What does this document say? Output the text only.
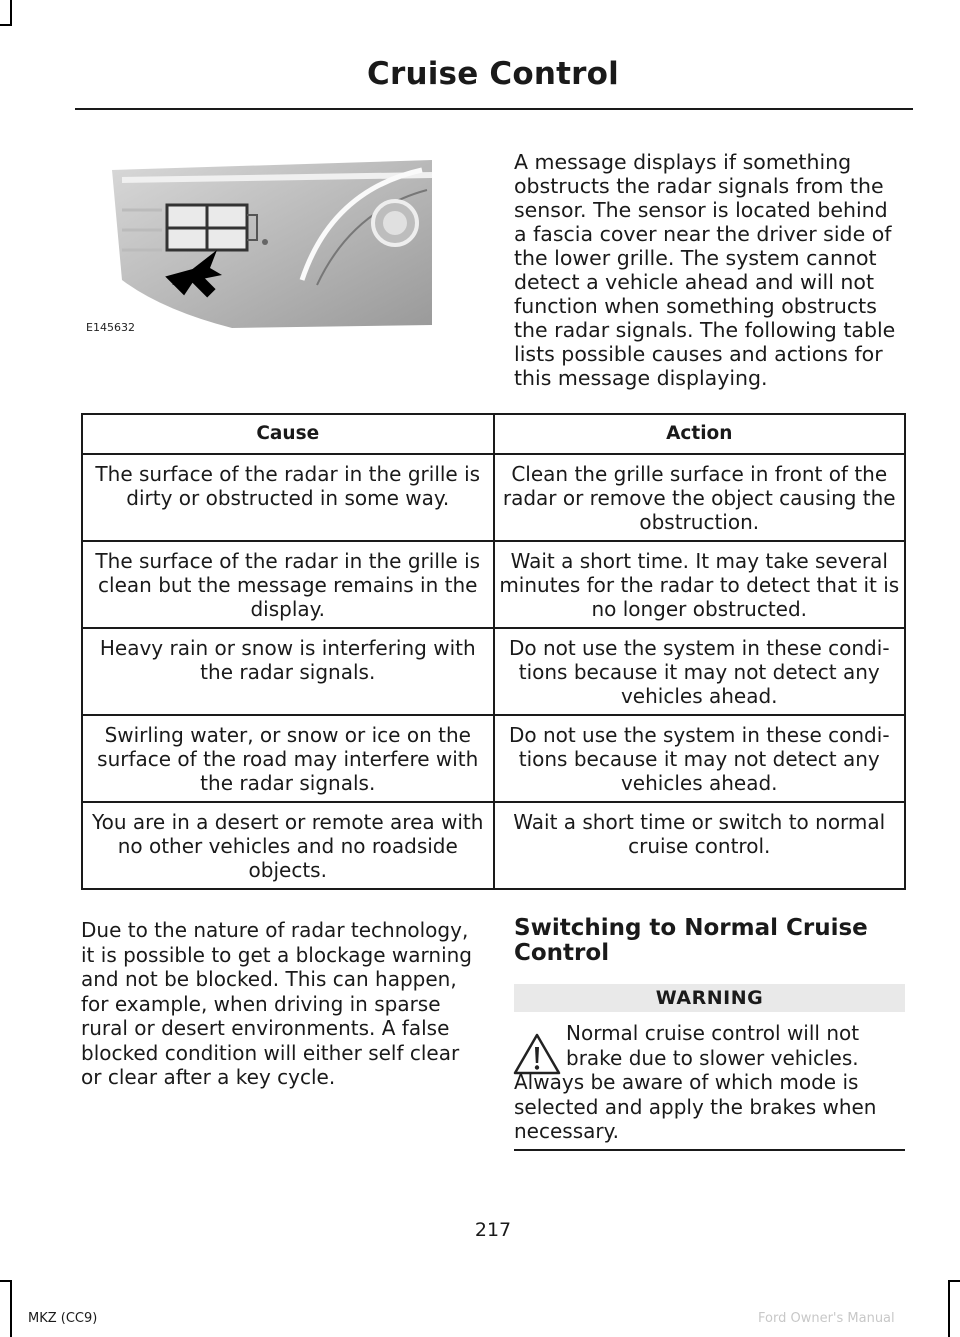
Cruise Control
E145632
A message displays if something obstructs the radar signals from the sensor. The sensor is located behind a fascia cover near the driver side of the lower grille. The system cannot detect a vehicle ahead and will not function when something obstructs the radar signals. The following table lists possible causes and actions for this message displaying.
Cause	Action
The surface of the radar in the grille is dirty or obstructed in some way.	Clean the grille surface in front of the radar or remove the object causing the obstruction.
The surface of the radar in the grille is clean but the message remains in the display.	Wait a short time. It may take several minutes for the radar to detect that it is no longer obstructed.
Heavy rain or snow is interfering with the radar signals.	Do not use the system in these condi-tions because it may not detect any vehicles ahead.
Swirling water, or snow or ice on the surface of the road may interfere with the radar signals.	Do not use the system in these condi-tions because it may not detect any vehicles ahead.
You are in a desert or remote area with no other vehicles and no roadside objects.	Wait a short time or switch to normal cruise control.
Due to the nature of radar technology, it is possible to get a blockage warning and not be blocked. This can happen, for example, when driving in sparse rural or desert environments. A false blocked condition will either self clear or clear after a key cycle.
Switching to Normal Cruise Control
WARNING
Normal cruise control will not brake due to slower vehicles. Always be aware of which mode is selected and apply the brakes when necessary.
217
MKZ (CC9)	Ford Owner's Manual
